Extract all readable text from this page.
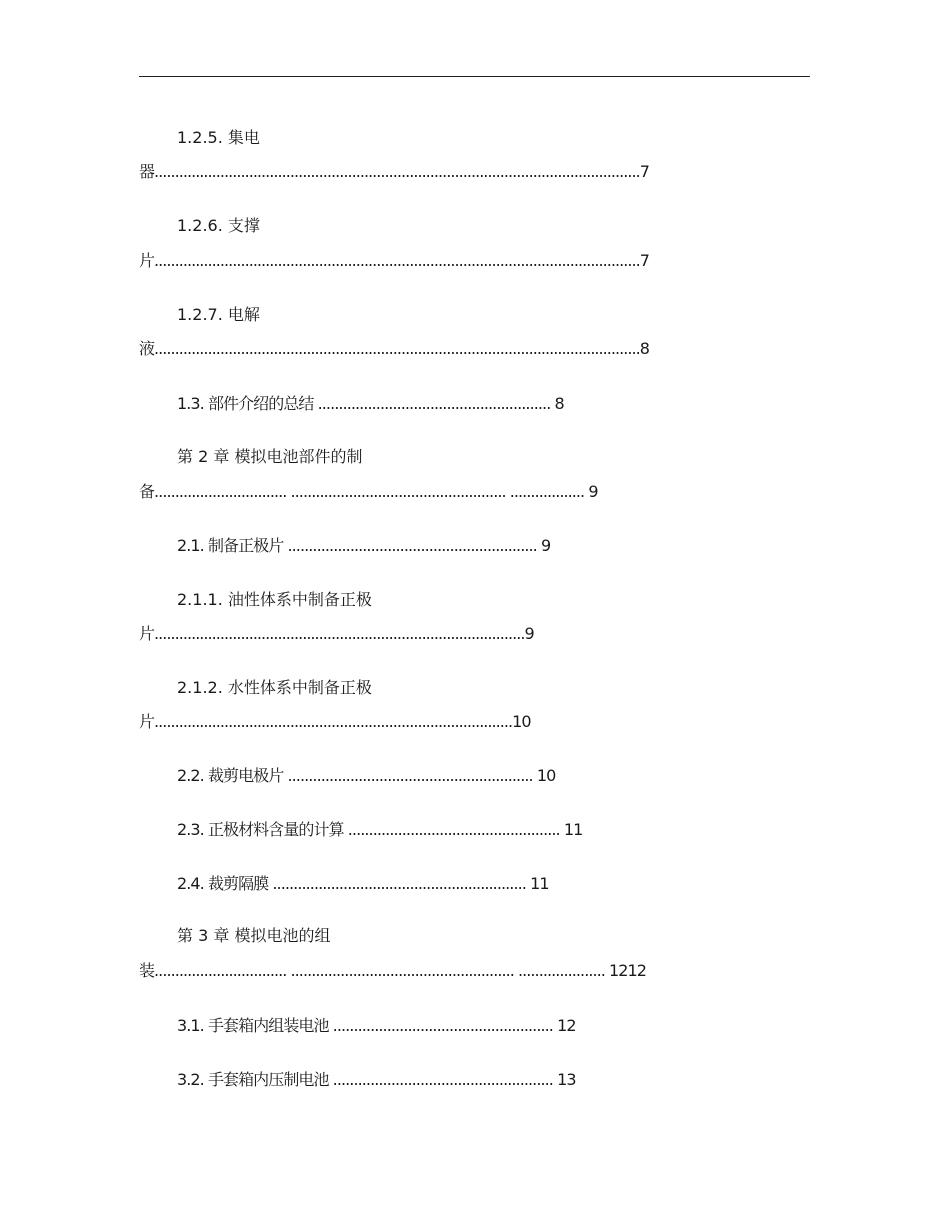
1.2.5. 集电

器......................................................................................................................7

1.2.6. 支撑

片......................................................................................................................7

1.2.7. 电解

液......................................................................................................................8

1.3. 部件介绍的总结 ........................................................ 8

第 2 章 模拟电池部件的制

备................................ .................................................... .................. 9

2.1. 制备正极片 ............................................................ 9

2.1.1. 油性体系中制备正极

片..........................................................................................9

2.1.2. 水性体系中制备正极

片.......................................................................................10

2.2. 裁剪电极片 ........................................................... 10

2.3. 正极材料含量的计算 ................................................... 11

2.4. 裁剪隔膜 ............................................................. 11

第 3 章 模拟电池的组

装................................ ...................................................... ..................... 1212

3.1. 手套箱内组装电池 ..................................................... 12

3.2. 手套箱内压制电池 ..................................................... 13
